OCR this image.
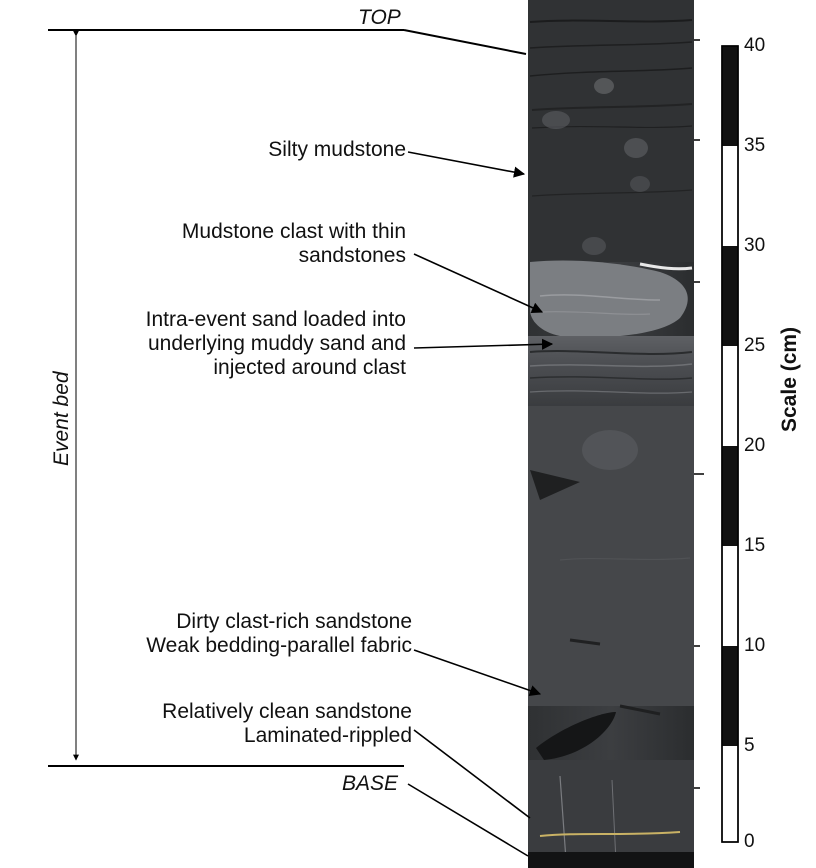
TOP
BASE
Event bed
Silty mudstone
Mudstone clast with thin
sandstones
Intra-event sand loaded into
underlying muddy sand and
injected around clast
Dirty clast-rich sandstone
Weak bedding-parallel fabric
Relatively clean sandstone
Laminated-rippled
40
35
30
25
20
15
10
5
0
Scale (cm)
